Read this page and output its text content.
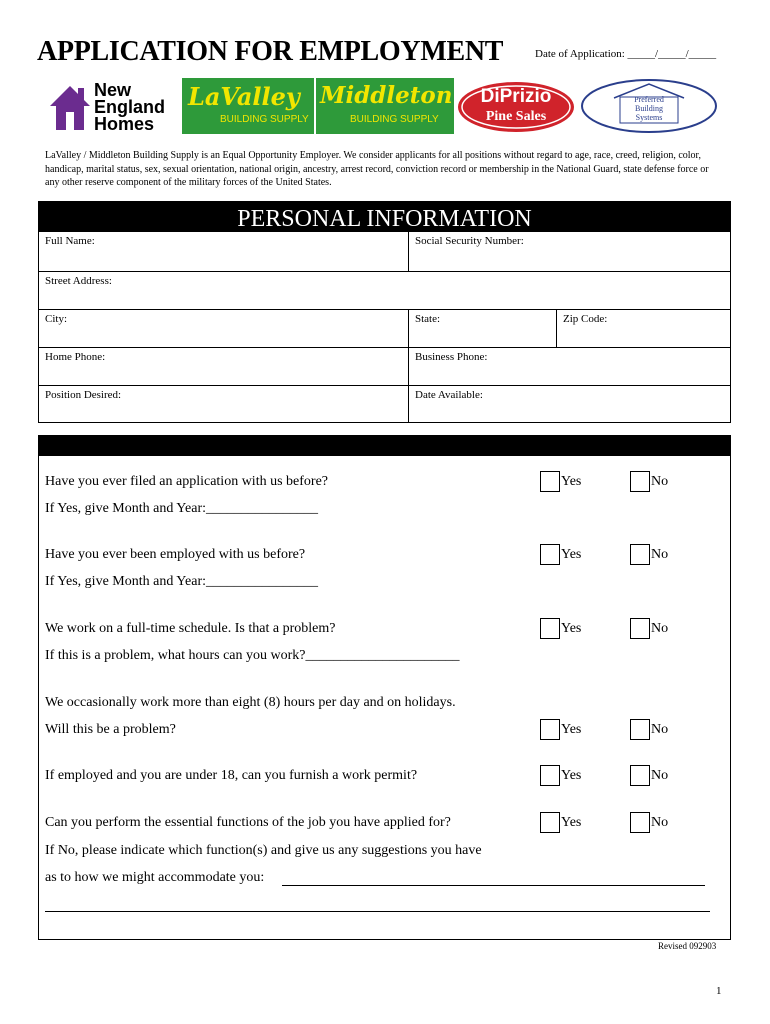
APPLICATION FOR EMPLOYMENT	Date of Application: _____/_____/_____
New
England
Homes
LaValley
BUILDING SUPPLY
Middleton
BUILDING SUPPLY
DiPrizio
Pine Sales
Preferred
Building
Systems
LaValley / Middleton Building Supply is an Equal Opportunity Employer. We consider applicants for all positions without regard to age, race, creed, religion, color, handicap, marital status, sex, sexual orientation, national origin, ancestry, arrest record, conviction record or membership in the National Guard, state defense force or any other reserve component of the military forces of the United States.
PERSONAL INFORMATION
Full Name:	Social Security Number:
Street Address:
City:	State:	Zip Code:
Home Phone:	Business Phone:
Position Desired:	Date Available:
Have you ever filed an application with us before?	Yes	No
If Yes, give Month and Year:________________
Have you ever been employed with us before?	Yes	No
If Yes, give Month and Year:________________
We work on a full-time schedule. Is that a problem?	Yes	No
If this is a problem, what hours can you work?______________________
We occasionally work more than eight (8) hours per day and on holidays.
Will this be a problem?	Yes	No
If employed and you are under 18, can you furnish a work permit?	Yes	No
Can you perform the essential functions of the job you have applied for?	Yes	No
If No, please indicate which function(s) and give us any suggestions you have
as to how we might accommodate you:
Revised 092903
1
